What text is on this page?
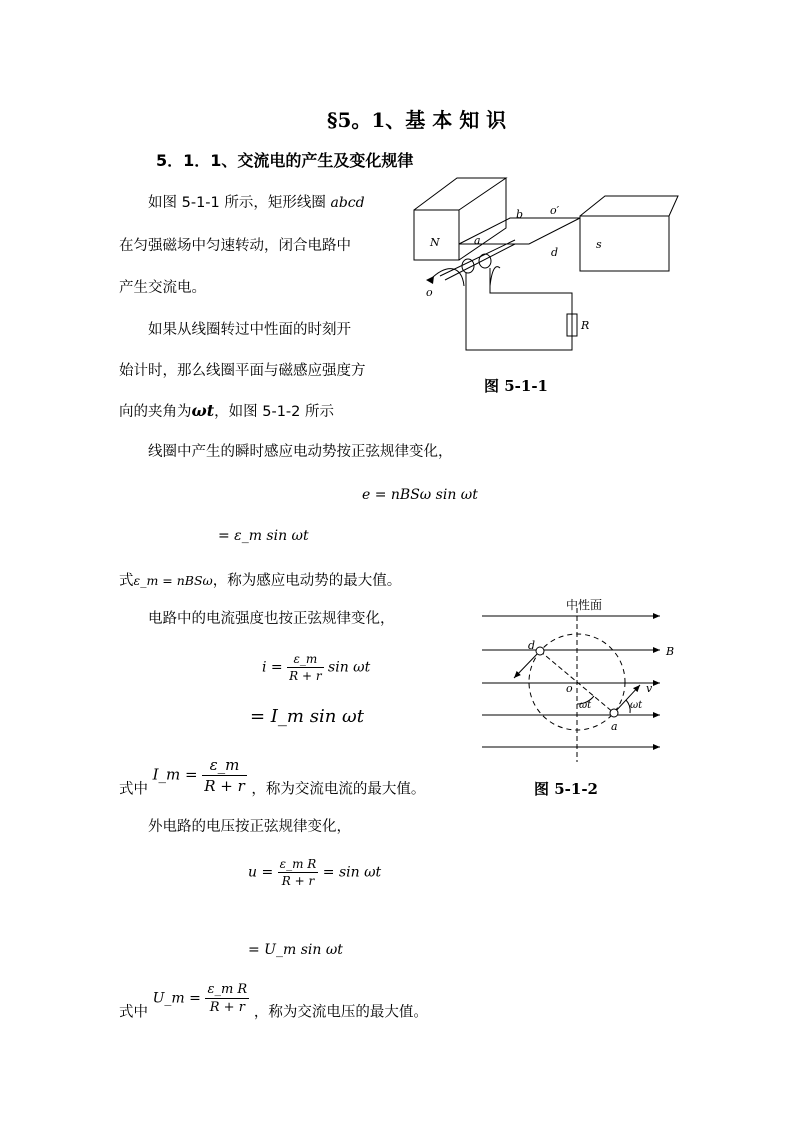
§5。1、基 本 知 识
5．1．1、交流电的产生及变化规律
如图 5-1-1 所示，矩形线圈 abcd
在匀强磁场中匀速转动，闭合电路中
产生交流电。
如果从线圈转过中性面的时刻开
始计时，那么线圈平面与磁感应强度方
向的夹角为ωt，如图 5-1-2 所示
线圈中产生的瞬时感应电动势按正弦规律变化，
e = nBSω sin ωt
= ε_m sin ωt
式ε_m = nBSω，称为感应电动势的最大值。
电路中的电流强度也按正弦规律变化，
$i = \frac{\varepsilon\_m}{R + r}$ sin ωt
= I_m sin ωt
式中 I_m = $\frac{\varepsilon\_m}{R + r}$ ，称为交流电流的最大值。
外电路的电压按正弦规律变化，
$u = \frac{\text{ε\_m R}}{R + r} = \sin \omega t$
= U_m sin ωt
式中 U_m = $\frac{\text{ε\_m R}}{R + r}$ ，称为交流电压的最大值。
N	s
a
b o′
d
o
R
图 5-1-1
中性面
B
d
o
a
v
ωt	ωt
图 5-1-2
